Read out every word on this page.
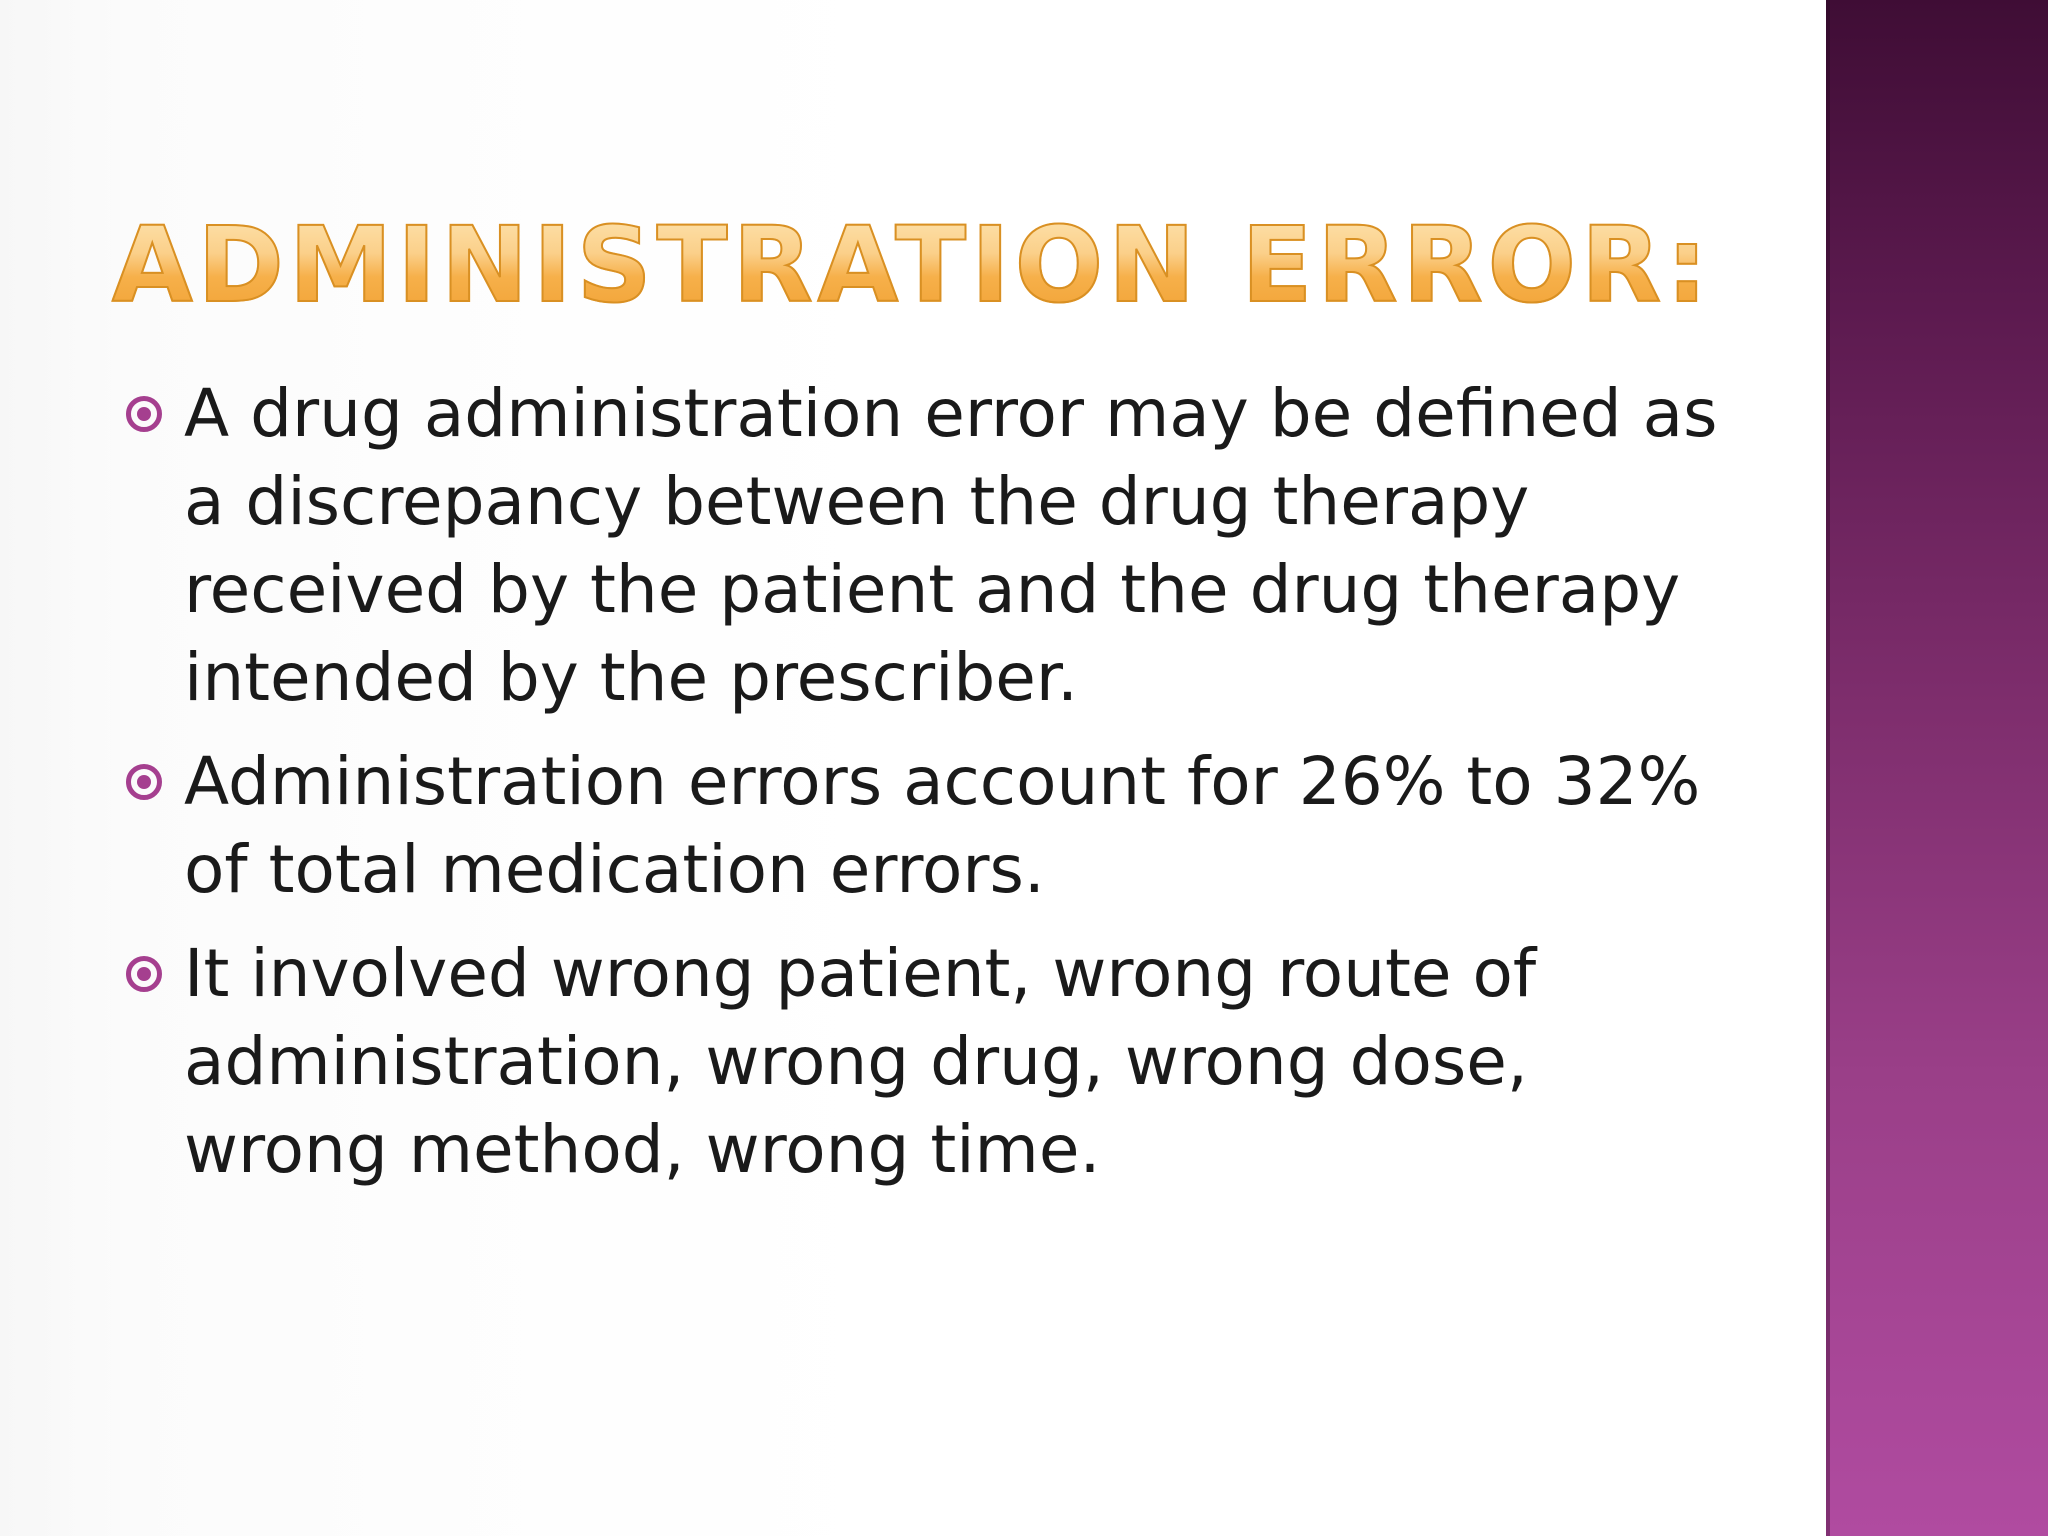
ADMINISTRATION ERROR:
A drug administration error may be defined as a discrepancy between the drug therapy received by the patient and the drug therapy intended by the prescriber.
Administration errors account for 26% to 32% of total medication errors.
It involved wrong patient, wrong route of administration, wrong drug, wrong dose, wrong method, wrong time.
